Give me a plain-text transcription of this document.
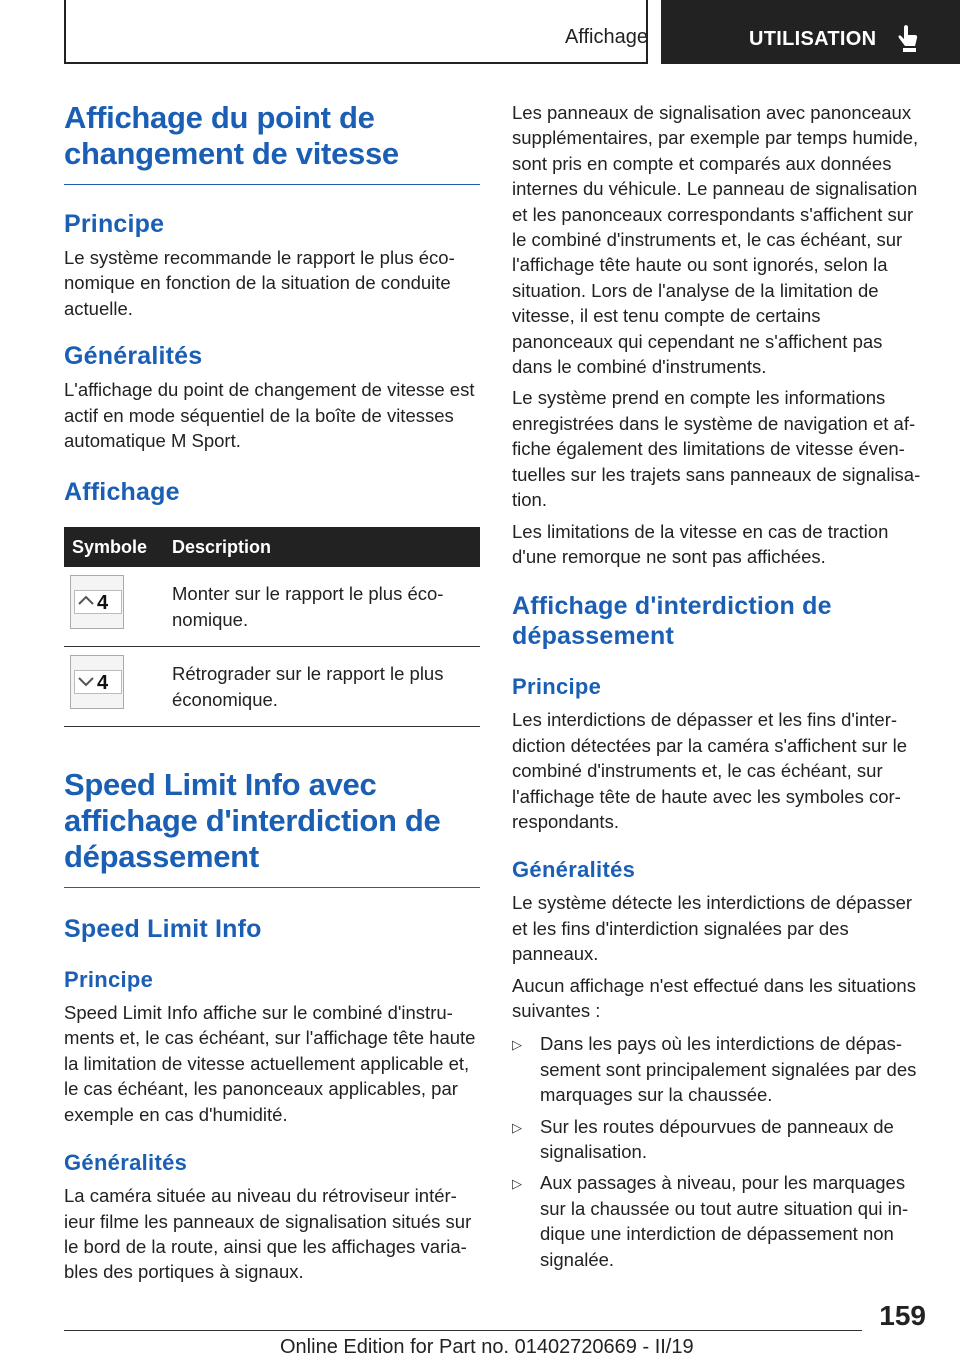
Affichage	UTILISATION
Affichage du point de changement de vitesse
Principe

Le système recommande le rapport le plus économique en fonction de la situation de conduite actuelle.

Généralités

L'affichage du point de changement de vitesse est actif en mode séquentiel de la boîte de vitesses automatique M Sport.

Affichage
Symbole	Description

4	Monter sur le rapport le plus économique.

4	Rétrograder sur le rapport le plus économique.
Speed Limit Info avec affichage d'interdiction de dépassement
Speed Limit Info
Principe

Speed Limit Info affiche sur le combiné d'instruments et, le cas échéant, sur l'affichage tête haute la limitation de vitesse actuellement applicable et, le cas échéant, les panonceaux applicables, par exemple en cas d'humidité.

Généralités

La caméra située au niveau du rétroviseur intérieur filme les panneaux de signalisation situés sur le bord de la route, ainsi que les affichages variables des portiques à signaux.

Les panneaux de signalisation avec panonceaux supplémentaires, par exemple par temps humide, sont pris en compte et comparés aux données internes du véhicule. Le panneau de signalisation et les panonceaux correspondants s'affichent sur le combiné d'instruments et, le cas échéant, sur l'affichage tête haute ou sont ignorés, selon la situation. Lors de l'analyse de la limitation de vitesse, il est tenu compte de certains panonceaux qui cependant ne s'affichent pas dans le combiné d'instruments.

Le système prend en compte les informations enregistrées dans le système de navigation et affiche également des limitations de vitesse éventuelles sur les trajets sans panneaux de signalisation.

Les limitations de la vitesse en cas de traction d'une remorque ne sont pas affichées.

Affichage d'interdiction de dépassement
Principe

Les interdictions de dépasser et les fins d'interdiction détectées par la caméra s'affichent sur le combiné d'instruments et, le cas échéant, sur l'affichage tête de haute avec les symboles correspondants.

Généralités

Le système détecte les interdictions de dépasser et les fins d'interdiction signalées par des panneaux.

Aucun affichage n'est effectué dans les situations suivantes :

▷ Dans les pays où les interdictions de dépassement sont principalement signalées par des marquages sur la chaussée.
▷ Sur les routes dépourvues de panneaux de signalisation.
▷ Aux passages à niveau, pour les marquages sur la chaussée ou tout autre situation qui indique une interdiction de dépassement non signalée.
159
Online Edition for Part no. 01402720669 - II/19
